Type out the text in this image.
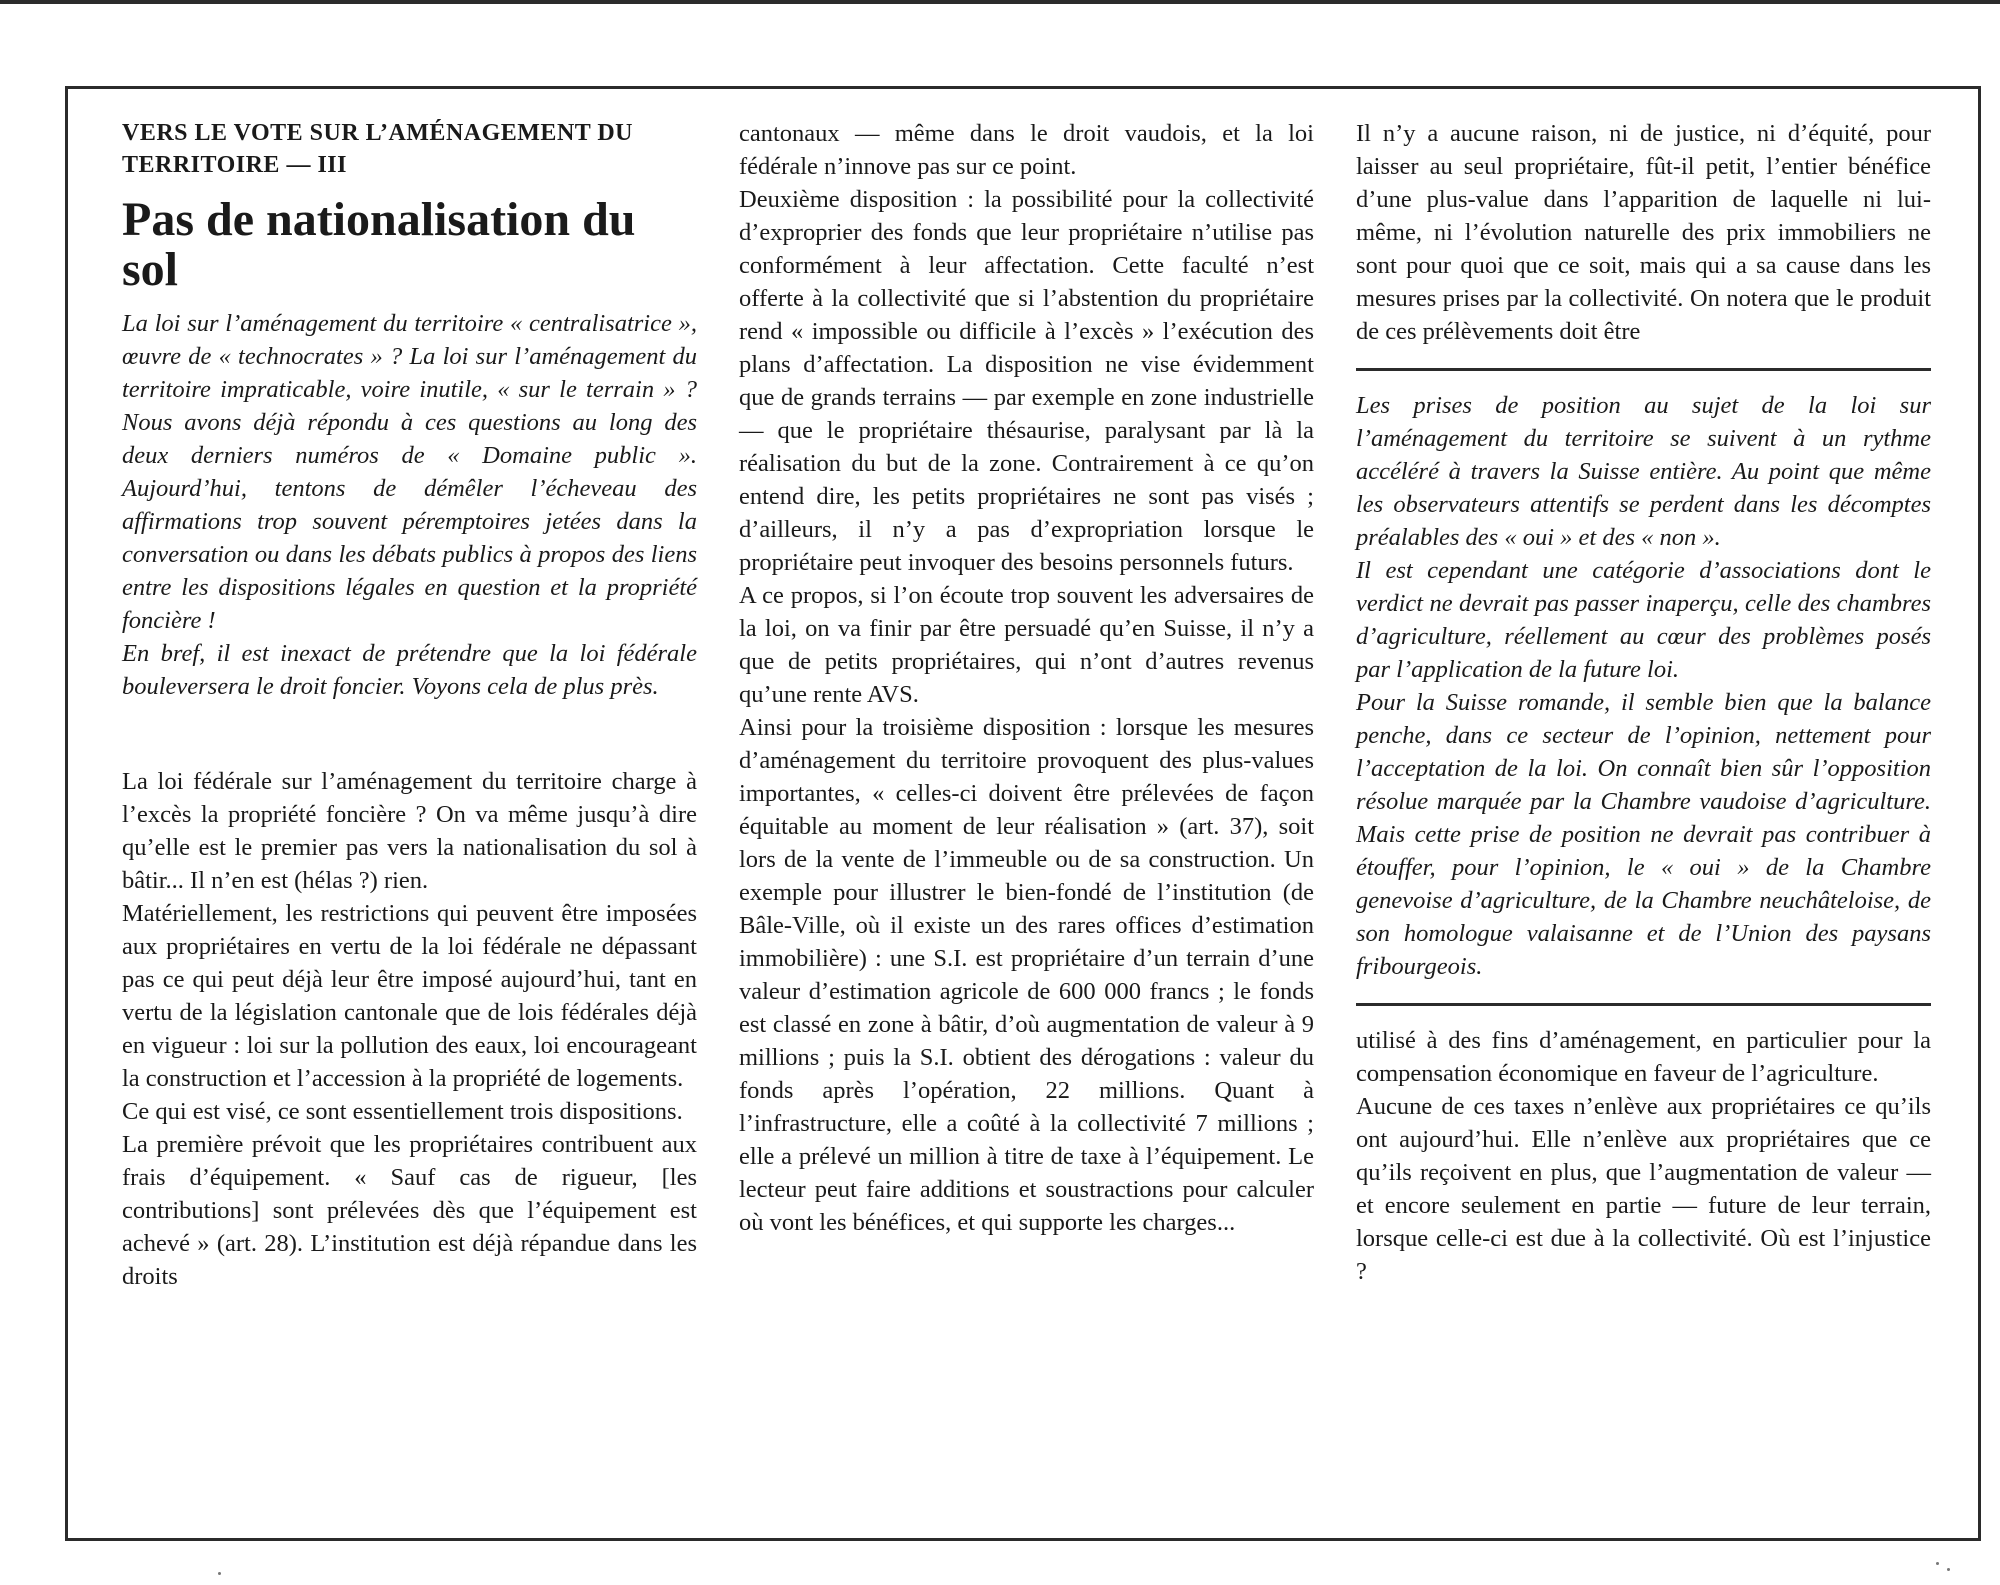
VERS LE VOTE SUR L’AMÉNAGEMENT DU TERRITOIRE — III
Pas de nationalisation du sol

La loi sur l’aménagement du territoire « centralisatrice », œuvre de « technocrates » ? La loi sur l’aménagement du territoire impraticable, voire inutile, « sur le terrain » ? Nous avons déjà répondu à ces questions au long des deux derniers numéros de « Domaine public ». Aujourd’hui, tentons de démêler l’écheveau des affirmations trop souvent péremptoires jetées dans la conversation ou dans les débats publics à propos des liens entre les dispositions légales en question et la propriété foncière !

En bref, il est inexact de prétendre que la loi fédérale bouleversera le droit foncier. Voyons cela de plus près.

La loi fédérale sur l’aménagement du territoire charge à l’excès la propriété foncière ? On va même jusqu’à dire qu’elle est le premier pas vers la nationalisation du sol à bâtir... Il n’en est (hélas ?) rien.

Matériellement, les restrictions qui peuvent être imposées aux propriétaires en vertu de la loi fédérale ne dépassant pas ce qui peut déjà leur être imposé aujourd’hui, tant en vertu de la législation cantonale que de lois fédérales déjà en vigueur : loi sur la pollution des eaux, loi encourageant la construction et l’accession à la propriété de logements.

Ce qui est visé, ce sont essentiellement trois dispositions.

La première prévoit que les propriétaires contribuent aux frais d’équipement. « Sauf cas de rigueur, [les contributions] sont prélevées dès que l’équipement est achevé » (art. 28). L’institution est déjà répandue dans les droits

cantonaux — même dans le droit vaudois, et la loi fédérale n’innove pas sur ce point.

Deuxième disposition : la possibilité pour la collectivité d’exproprier des fonds que leur propriétaire n’utilise pas conformément à leur affectation. Cette faculté n’est offerte à la collectivité que si l’abstention du propriétaire rend « impossible ou difficile à l’excès » l’exécution des plans d’affectation. La disposition ne vise évidemment que de grands terrains — par exemple en zone industrielle — que le propriétaire thésaurise, paralysant par là la réalisation du but de la zone. Contrairement à ce qu’on entend dire, les petits propriétaires ne sont pas visés ; d’ailleurs, il n’y a pas d’expropriation lorsque le propriétaire peut invoquer des besoins personnels futurs.

A ce propos, si l’on écoute trop souvent les adversaires de la loi, on va finir par être persuadé qu’en Suisse, il n’y a que de petits propriétaires, qui n’ont d’autres revenus qu’une rente AVS.

Ainsi pour la troisième disposition : lorsque les mesures d’aménagement du territoire provoquent des plus-values importantes, « celles-ci doivent être prélevées de façon équitable au moment de leur réalisation » (art. 37), soit lors de la vente de l’immeuble ou de sa construction. Un exemple pour illustrer le bien-fondé de l’institution (de Bâle-Ville, où il existe un des rares offices d’estimation immobilière) : une S.I. est propriétaire d’un terrain d’une valeur d’estimation agricole de 600 000 francs ; le fonds est classé en zone à bâtir, d’où augmentation de valeur à 9 millions ; puis la S.I. obtient des dérogations : valeur du fonds après l’opération, 22 millions. Quant à l’infrastructure, elle a coûté à la collectivité 7 millions ; elle a prélevé un million à titre de taxe à l’équipement. Le lecteur peut faire additions et soustractions pour calculer où vont les bénéfices, et qui supporte les charges...

Il n’y a aucune raison, ni de justice, ni d’équité, pour laisser au seul propriétaire, fût-il petit, l’entier bénéfice d’une plus-value dans l’apparition de laquelle ni lui-même, ni l’évolution naturelle des prix immobiliers ne sont pour quoi que ce soit, mais qui a sa cause dans les mesures prises par la collectivité. On notera que le produit de ces prélèvements doit être

Les prises de position au sujet de la loi sur l’aménagement du territoire se suivent à un rythme accéléré à travers la Suisse entière. Au point que même les observateurs attentifs se perdent dans les décomptes préalables des « oui » et des « non ».

Il est cependant une catégorie d’associations dont le verdict ne devrait pas passer inaperçu, celle des chambres d’agriculture, réellement au cœur des problèmes posés par l’application de la future loi.

Pour la Suisse romande, il semble bien que la balance penche, dans ce secteur de l’opinion, nettement pour l’acceptation de la loi. On connaît bien sûr l’opposition résolue marquée par la Chambre vaudoise d’agriculture. Mais cette prise de position ne devrait pas contribuer à étouffer, pour l’opinion, le « oui » de la Chambre genevoise d’agriculture, de la Chambre neuchâteloise, de son homologue valaisanne et de l’Union des paysans fribourgeois.

utilisé à des fins d’aménagement, en particulier pour la compensation économique en faveur de l’agriculture.

Aucune de ces taxes n’enlève aux propriétaires ce qu’ils ont aujourd’hui. Elle n’enlève aux propriétaires que ce qu’ils reçoivent en plus, que l’augmentation de valeur — et encore seulement en partie — future de leur terrain, lorsque celle-ci est due à la collectivité. Où est l’injustice ?
